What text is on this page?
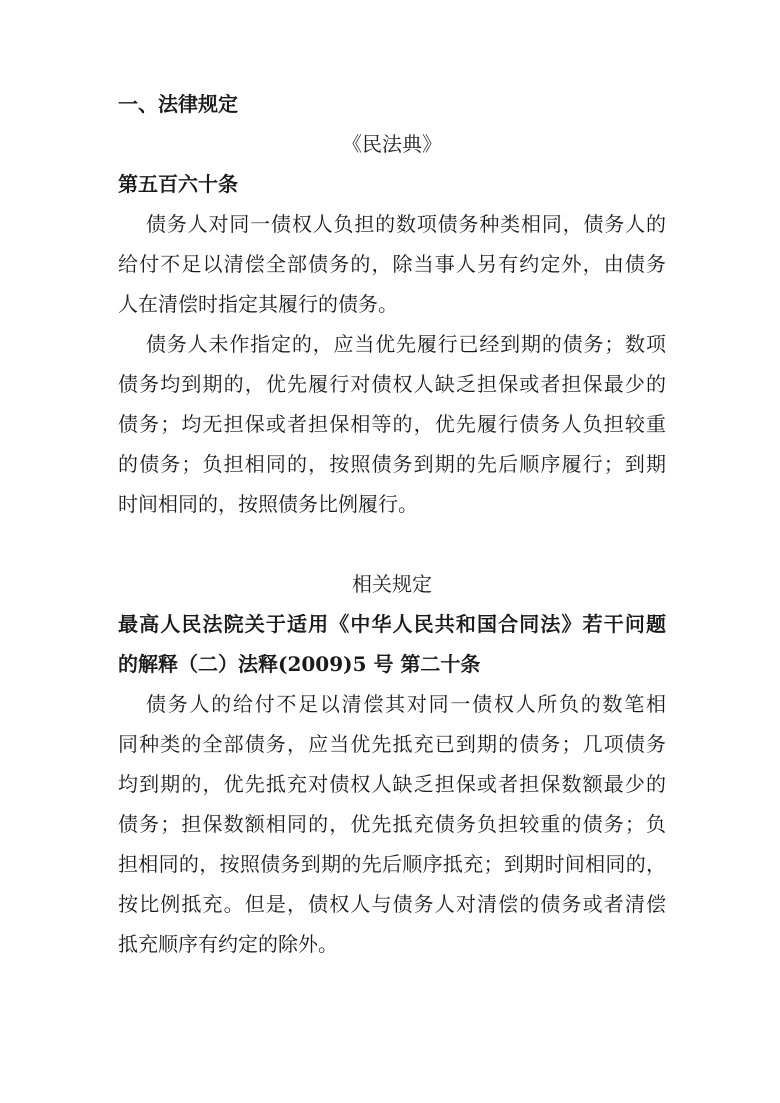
一、法律规定
《民法典》
第五百六十条
债务人对同一债权人负担的数项债务种类相同，债务人的
给付不足以清偿全部债务的，除当事人另有约定外，由债务
人在清偿时指定其履行的债务。
债务人未作指定的，应当优先履行已经到期的债务；数项
债务均到期的，优先履行对债权人缺乏担保或者担保最少的
债务；均无担保或者担保相等的，优先履行债务人负担较重
的债务；负担相同的，按照债务到期的先后顺序履行；到期
时间相同的，按照债务比例履行。
相关规定
最高人民法院关于适用《中华人民共和国合同法》若干问题
的解释（二）法释(2009)5 号 第二十条
债务人的给付不足以清偿其对同一债权人所负的数笔相
同种类的全部债务，应当优先抵充已到期的债务；几项债务
均到期的，优先抵充对债权人缺乏担保或者担保数额最少的
债务；担保数额相同的，优先抵充债务负担较重的债务；负
担相同的，按照债务到期的先后顺序抵充；到期时间相同的，
按比例抵充。但是，债权人与债务人对清偿的债务或者清偿
抵充顺序有约定的除外。
